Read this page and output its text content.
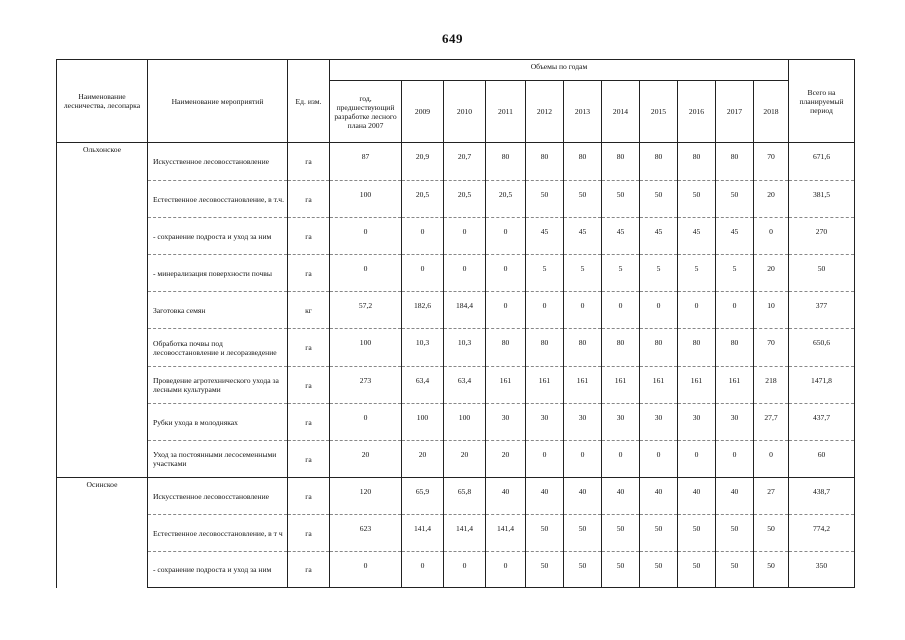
649
Наименование лесничества, лесопарка	Наименование мероприятий	Ед. изм.	Объемы по годам											Всего на планируемый период
			год, предшествующий разработке лесного плана 2007	2009	2010	2011	2012	2013	2014	2015	2016	2017	2018	
Ольхонское	Искусственное лесовосстановление	га	87	20,9	20,7	80	80	80	80	80	80	80	70	671,6
	Естественное лесовосстановление, в т.ч.	га	100	20,5	20,5	20,5	50	50	50	50	50	50	20	381,5
	- сохранение подроста и уход за ним	га	0	0	0	0	45	45	45	45	45	45	0	270
	- минерализация поверхности почвы	га	0	0	0	0	5	5	5	5	5	5	20	50
	Заготовка семян	кг	57,2	182,6	184,4	0	0	0	0	0	0	0	10	377
	Обработка почвы под лесовосстановление и лесоразведение	га	100	10,3	10,3	80	80	80	80	80	80	80	70	650,6
	Проведение агротехнического ухода за лесными культурами	га	273	63,4	63,4	161	161	161	161	161	161	161	218	1471,8
	Рубки ухода в молодняках	га	0	100	100	30	30	30	30	30	30	30	27,7	437,7
	Уход за постоянными лесосеменными участками	га	20	20	20	20	0	0	0	0	0	0	0	60
Осинское	Искусственное лесовосстановление	га	120	65,9	65,8	40	40	40	40	40	40	40	27	438,7
	Естественное лесовосстановление, в т ч	га	623	141,4	141,4	141,4	50	50	50	50	50	50	50	774,2
	- сохранение подроста и уход за ним	га	0	0	0	0	50	50	50	50	50	50	50	350
